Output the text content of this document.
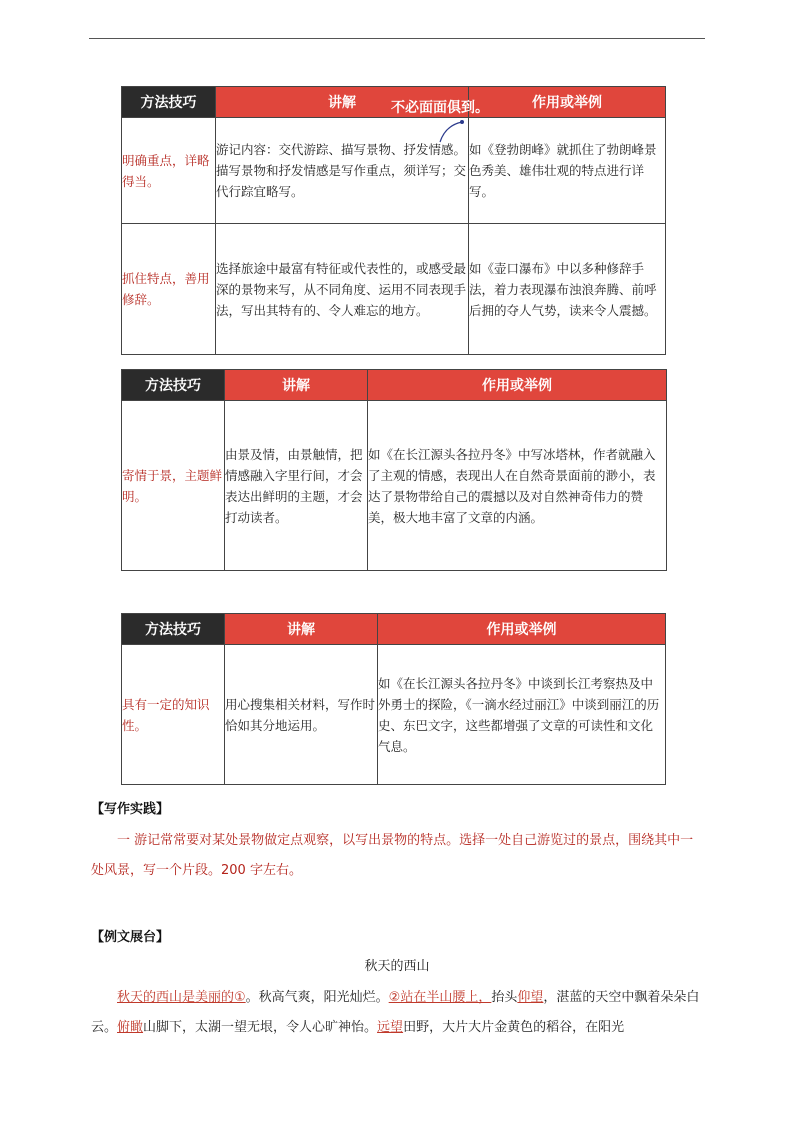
方法技巧	讲解	作用或举例
明确重点，详略得当。	游记内容：交代游踪、描写景物、抒发情感。描写景物和抒发情感是写作重点，须详写；交代行踪宜略写。	如《登勃朗峰》就抓住了勃朗峰景色秀美、雄伟壮观的特点进行详写。
抓住特点，善用修辞。	选择旅途中最富有特征或代表性的，或感受最深的景物来写，从不同角度、运用不同表现手法，写出其特有的、令人难忘的地方。	如《壶口瀑布》中以多种修辞手法，着力表现瀑布浊浪奔腾、前呼后拥的夺人气势，读来令人震撼。
不必面面俱到。
方法技巧	讲解	作用或举例
寄情于景，主题鲜明。	由景及情，由景触情，把情感融入字里行间，才会表达出鲜明的主题，才会打动读者。	如《在长江源头各拉丹冬》中写冰塔林，作者就融入了主观的情感，表现出人在自然奇景面前的渺小，表达了景物带给自己的震撼以及对自然神奇伟力的赞美，极大地丰富了文章的内涵。
方法技巧	讲解	作用或举例
具有一定的知识性。	用心搜集相关材料，写作时恰如其分地运用。	如《在长江源头各拉丹冬》中谈到长江考察热及中外勇士的探险，《一滴水经过丽江》中谈到丽江的历史、东巴文字，这些都增强了文章的可读性和文化气息。
【写作实践】
一 游记常常要对某处景物做定点观察，以写出景物的特点。选择一处自己游览过的景点，围绕其中一处风景，写一个片段。200 字左右。
【例文展台】
秋天的西山
秋天的西山是美丽的①。秋高气爽，阳光灿烂。②站在半山腰上，抬头仰望，湛蓝的天空中飘着朵朵白云。俯瞰山脚下，太湖一望无垠，令人心旷神怡。远望田野，大片大片金黄色的稻谷，在阳光
